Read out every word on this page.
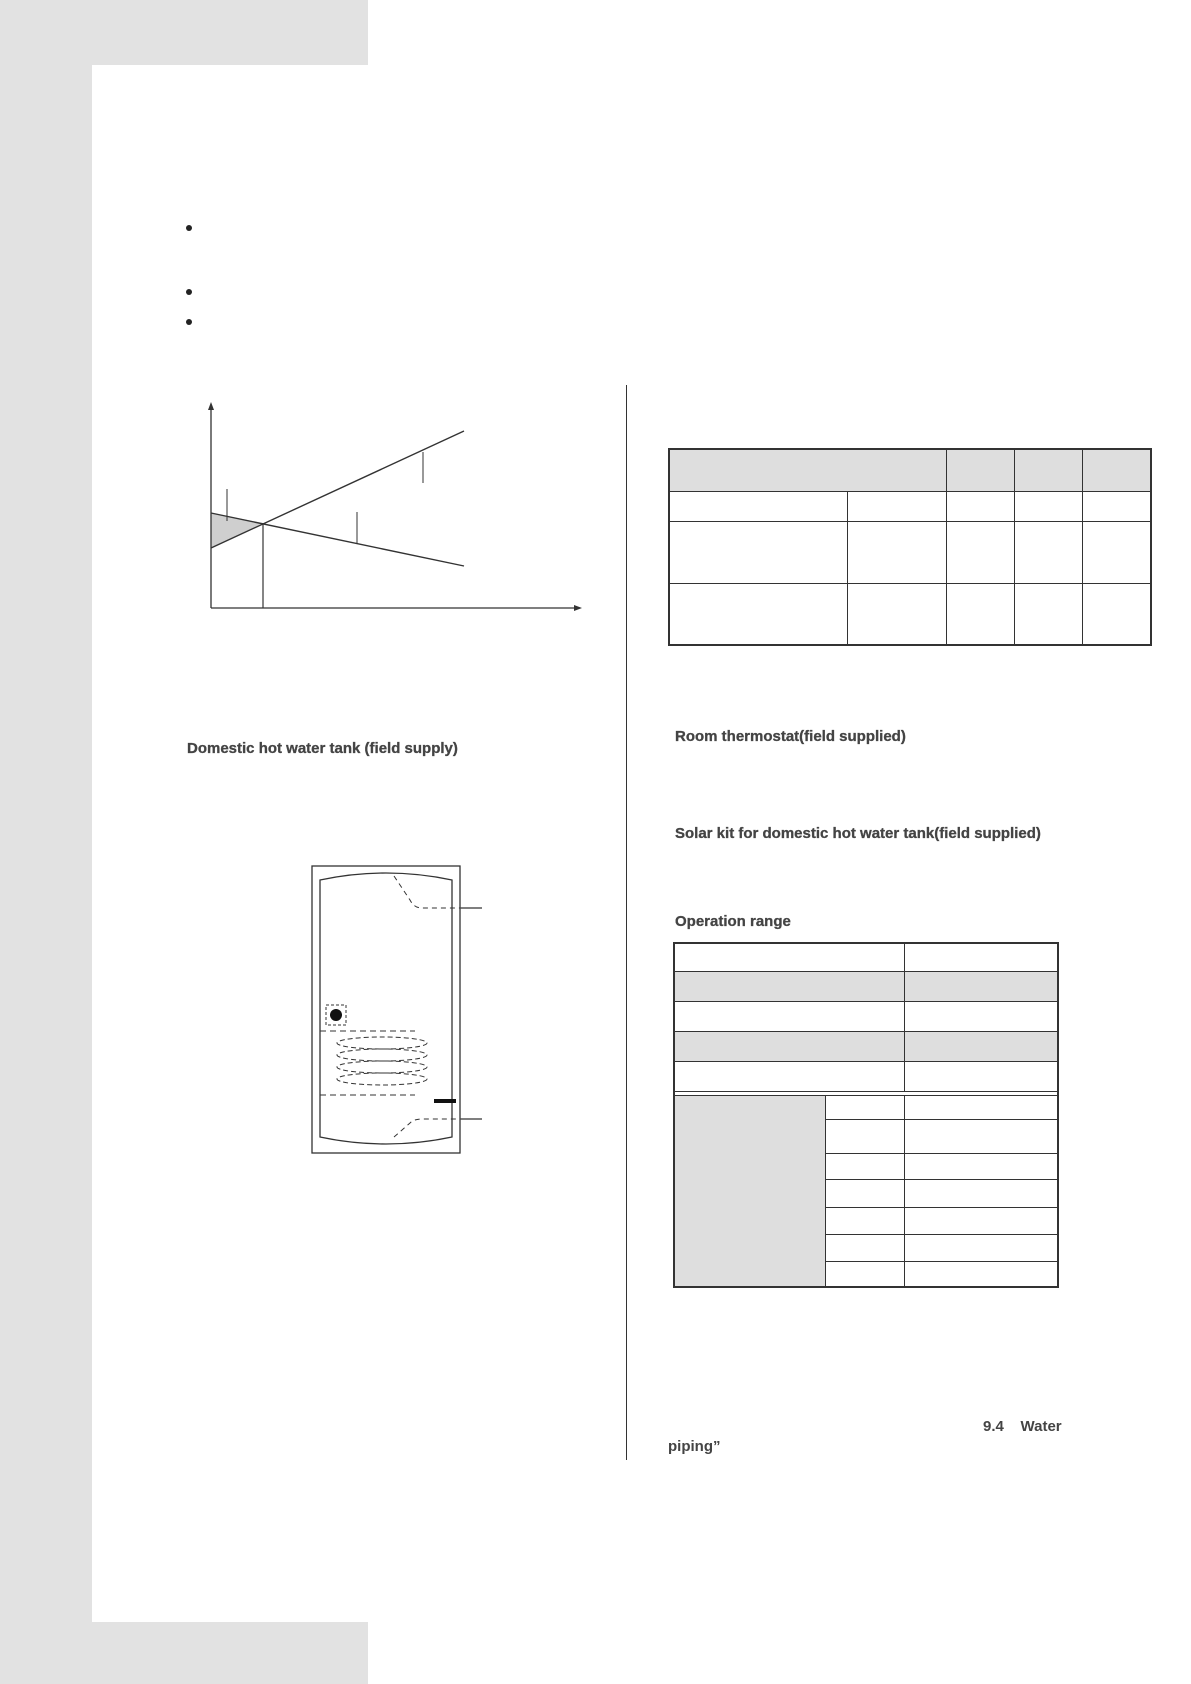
Domestic hot water tank (field supply)
Room thermostat(field supplied)
Solar kit for domestic hot water tank(field supplied)
Operation range

9.4    Water
piping”
